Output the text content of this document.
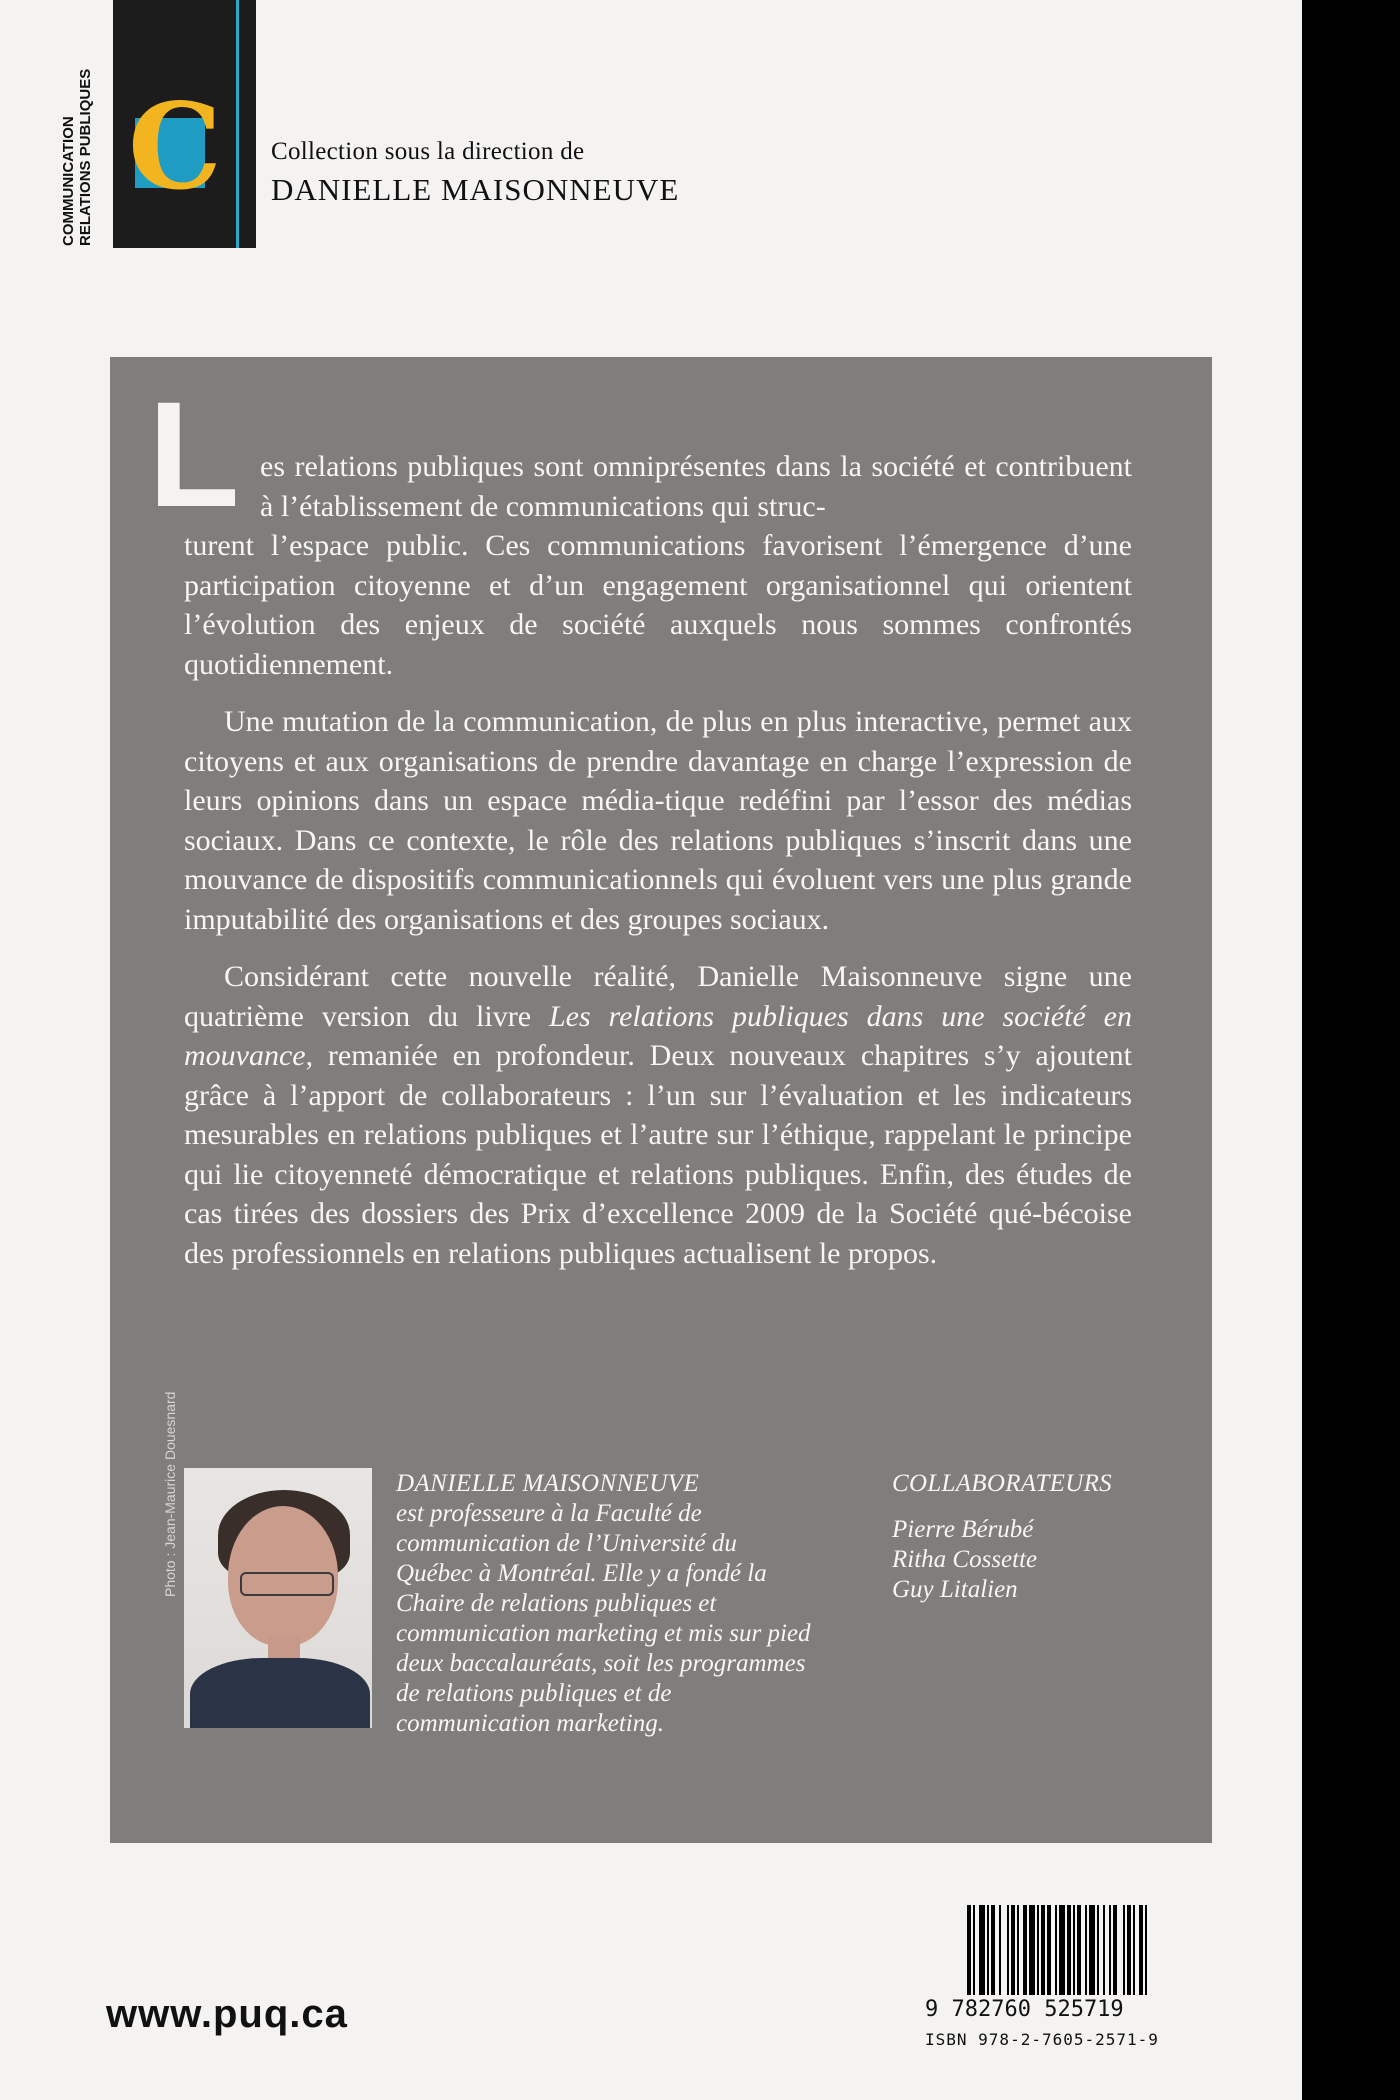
COMMUNICATION RELATIONS PUBLIQUES C Collection sous la direction de
DANIELLE MAISONNEUVE
L es relations publiques sont omniprésentes dans la société et contribuent à l’établissement de communications qui struc-
turent l’espace public. Ces communications favorisent l’émergence d’une participation citoyenne et d’un engagement organisationnel qui orientent l’évolution des enjeux de société auxquels nous sommes confrontés quotidiennement.

Une mutation de la communication, de plus en plus interactive, permet aux citoyens et aux organisations de prendre davantage en charge l’expression de leurs opinions dans un espace média-tique redéfini par l’essor des médias sociaux. Dans ce contexte, le rôle des relations publiques s’inscrit dans une mouvance de dispositifs communicationnels qui évoluent vers une plus grande imputabilité des organisations et des groupes sociaux.

Considérant cette nouvelle réalité, Danielle Maisonneuve signe une quatrième version du livre Les relations publiques dans une société en mouvance, remaniée en profondeur. Deux nouveaux chapitres s’y ajoutent grâce à l’apport de collaborateurs : l’un sur l’évaluation et les indicateurs mesurables en relations publiques et l’autre sur l’éthique, rappelant le principe qui lie citoyenneté démocratique et relations publiques. Enfin, des études de cas tirées des dossiers des Prix d’excellence 2009 de la Société qué-bécoise des professionnels en relations publiques actualisent le propos.

Photo : Jean-Maurice Douesnard	DANIELLE MAISONNEUVE
est professeure à la Faculté de communication de l’Université du Québec à Montréal. Elle y a fondé la Chaire de relations publiques et communication marketing et mis sur pied deux baccalauréats, soit les programmes de relations publiques et de communication marketing.
COLLABORATEURS
Pierre Bérubé
Ritha Cossette
Guy Litalien
www.puq.ca	9 782760 525719
ISBN 978-2-7605-2571-9
